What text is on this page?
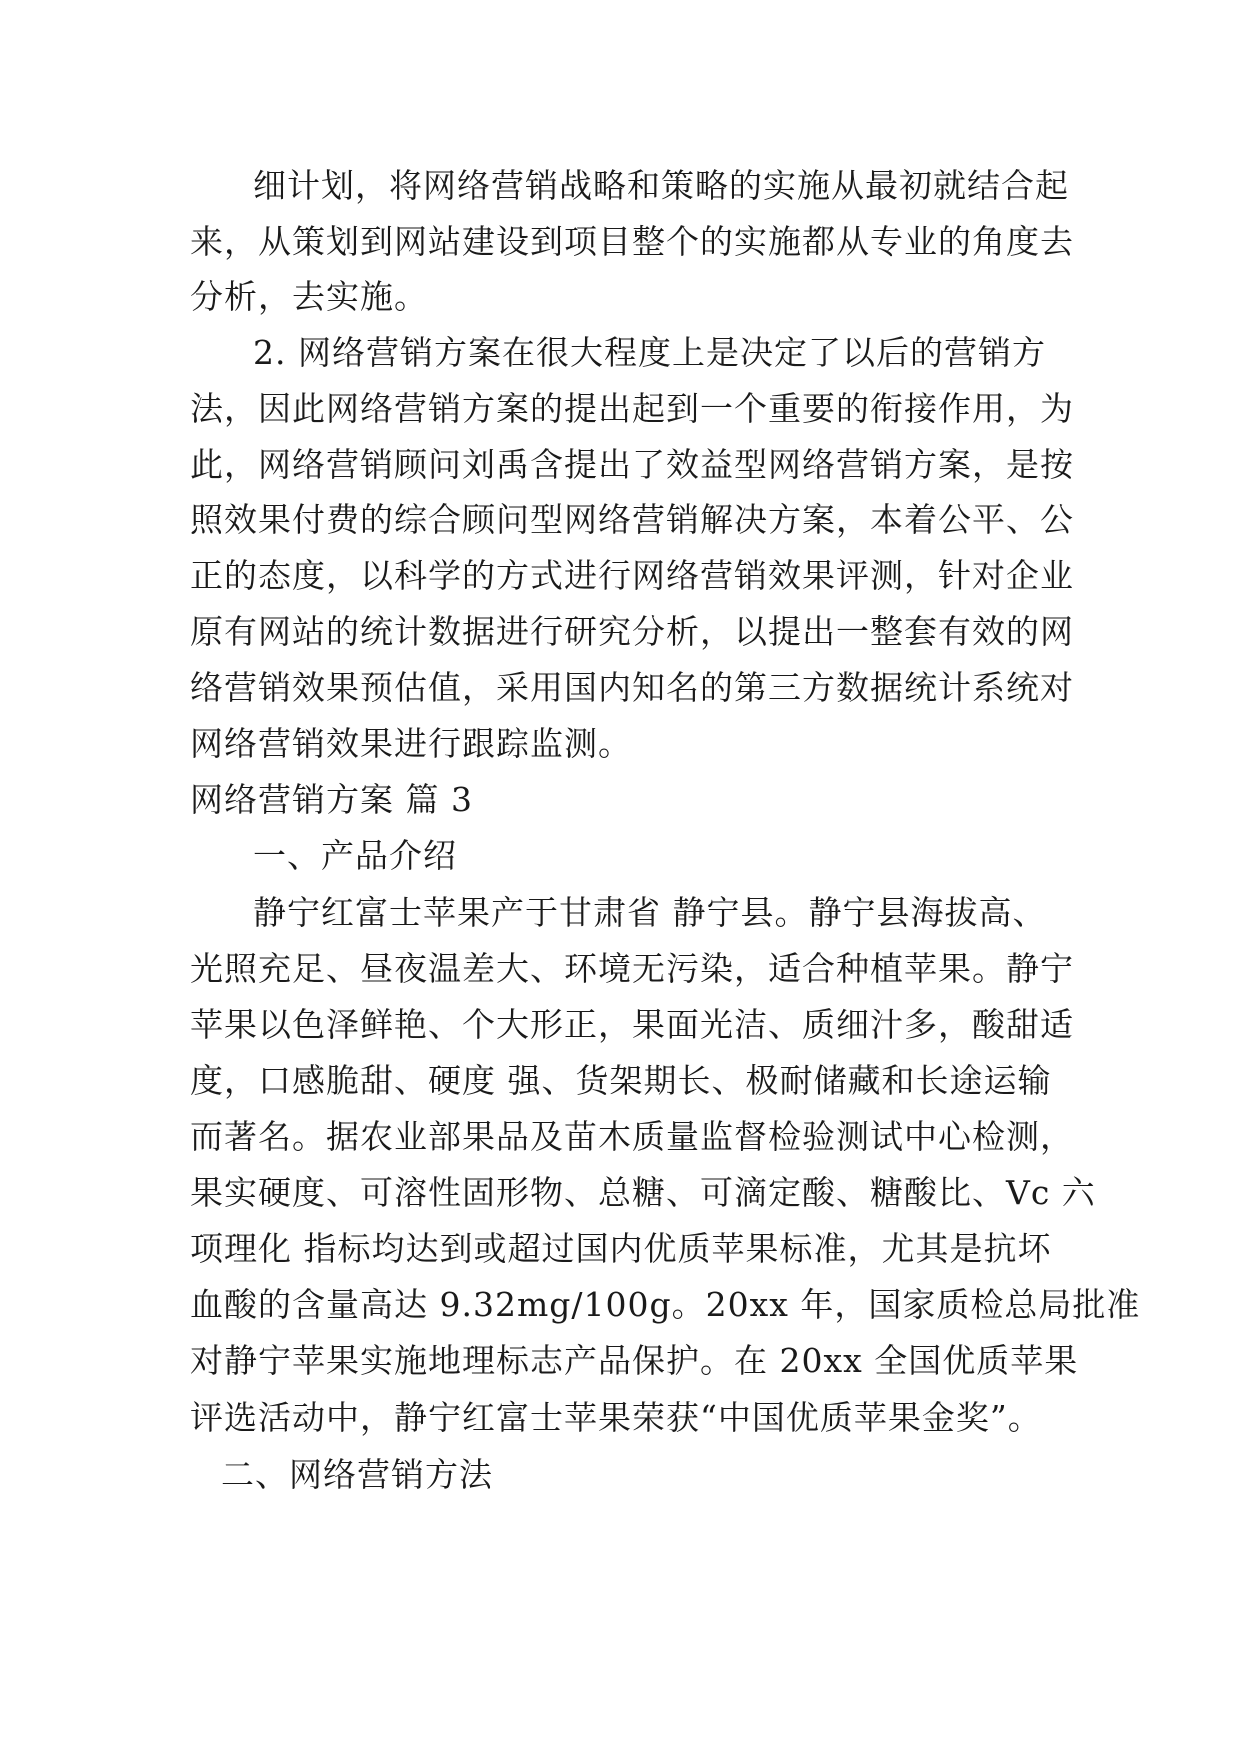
细计划，将网络营销战略和策略的实施从最初就结合起
来，从策划到网站建设到项目整个的实施都从专业的角度去
分析，去实施。
2. 网络营销方案在很大程度上是决定了以后的营销方
法，因此网络营销方案的提出起到一个重要的衔接作用，为
此，网络营销顾问刘禹含提出了效益型网络营销方案，是按
照效果付费的综合顾问型网络营销解决方案，本着公平、公
正的态度，以科学的方式进行网络营销效果评测，针对企业
原有网站的统计数据进行研究分析，以提出一整套有效的网
络营销效果预估值，采用国内知名的第三方数据统计系统对
网络营销效果进行跟踪监测。
网络营销方案 篇 3
一、产品介绍
静宁红富士苹果产于甘肃省 静宁县。静宁县海拔高、
光照充足、昼夜温差大、环境无污染，适合种植苹果。静宁
苹果以色泽鲜艳、个大形正，果面光洁、质细汁多，酸甜适
度，口感脆甜、硬度 强、货架期长、极耐储藏和长途运输
而著名。据农业部果品及苗木质量监督检验测试中心检测，
果实硬度、可溶性固形物、总糖、可滴定酸、糖酸比、Vc 六
项理化 指标均达到或超过国内优质苹果标准，尤其是抗坏
血酸的含量高达 9.32mg/100g。20xx 年，国家质检总局批准
对静宁苹果实施地理标志产品保护。在 20xx 全国优质苹果
评选活动中，静宁红富士苹果荣获“中国优质苹果金奖”。
二、网络营销方法
